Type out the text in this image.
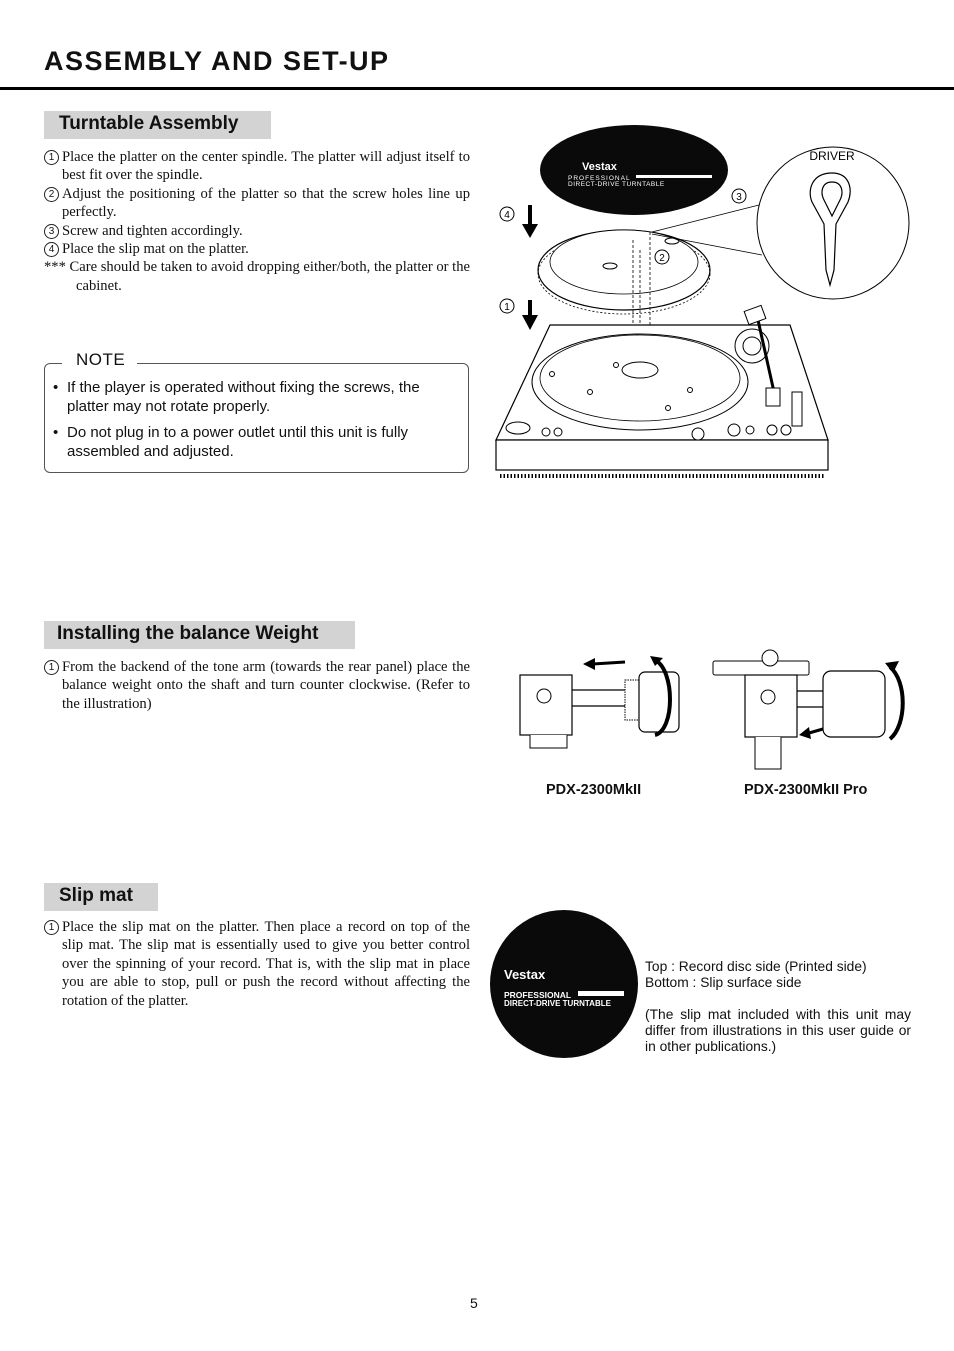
ASSEMBLY AND SET-UP
Turntable Assembly
1 Place the platter on the center spindle. The platter will adjust itself to best fit over the spindle.
2 Adjust the positioning of the platter so that the screw holes line up perfectly.
3 Screw and tighten accordingly.
4 Place the slip mat on the platter.
*** Care should be taken to avoid dropping either/both, the platter or the cabinet.
NOTE
• If the player is operated without fixing the screws, the platter may not rotate properly.
• Do not plug in to a power outlet until this unit is fully assembled and adjusted.
Vestax
PROFESSIONAL
DIRECT-DRIVE TURNTABLE
4
2
3
DRIVER
1
Installing the balance Weight
1 From the backend of the tone arm (towards the rear panel) place the balance weight onto the shaft and turn counter clockwise. (Refer to the illustration)
PDX-2300MkII	PDX-2300MkII Pro
Slip mat
1 Place the slip mat on the platter. Then place a record on top of the slip mat. The slip mat is essentially used to give you better control over the spinning of your record. That is, with the slip mat in place you are able to stop, pull or push the record without affecting the rotation of the platter.
Vestax
PROFESSIONAL
DIRECT-DRIVE TURNTABLE

Top : Record disc side (Printed side)

Bottom : Slip surface side

(The slip mat included with this unit may differ from illustrations in this user guide or in other publications.)

5
